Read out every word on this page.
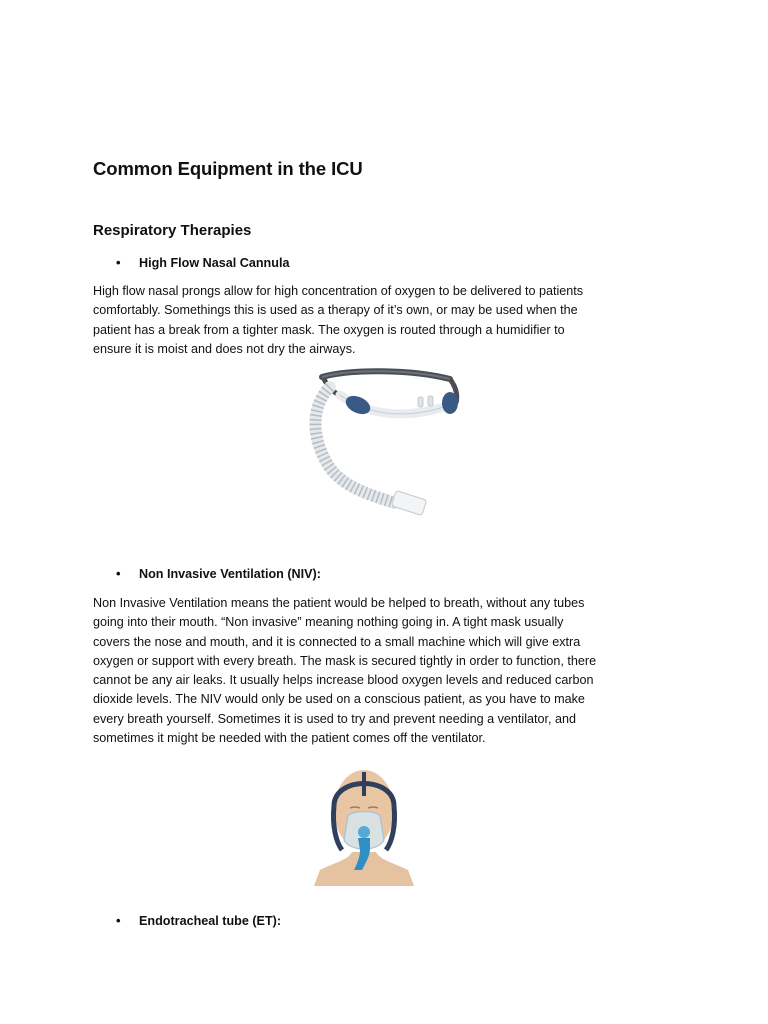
Common Equipment in the ICU
Respiratory Therapies
• High Flow Nasal Cannula
High flow nasal prongs allow for high concentration of oxygen to be delivered to patients
comfortably. Somethings this is used as a therapy of it’s own, or may be used when the
patient has a break from a tighter mask. The oxygen is routed through a humidifier to
ensure it is moist and does not dry the airways.
• Non Invasive Ventilation (NIV):
Non Invasive Ventilation means the patient would be helped to breath, without any tubes
going into their mouth. “Non invasive” meaning nothing going in. A tight mask usually
covers the nose and mouth, and it is connected to a small machine which will give extra
oxygen or support with every breath. The mask is secured tightly in order to function, there
cannot be any air leaks. It usually helps increase blood oxygen levels and reduced carbon
dioxide levels. The NIV would only be used on a conscious patient, as you have to make
every breath yourself. Sometimes it is used to try and prevent needing a ventilator, and
sometimes it might be needed with the patient comes off the ventilator.
• Endotracheal tube (ET):
